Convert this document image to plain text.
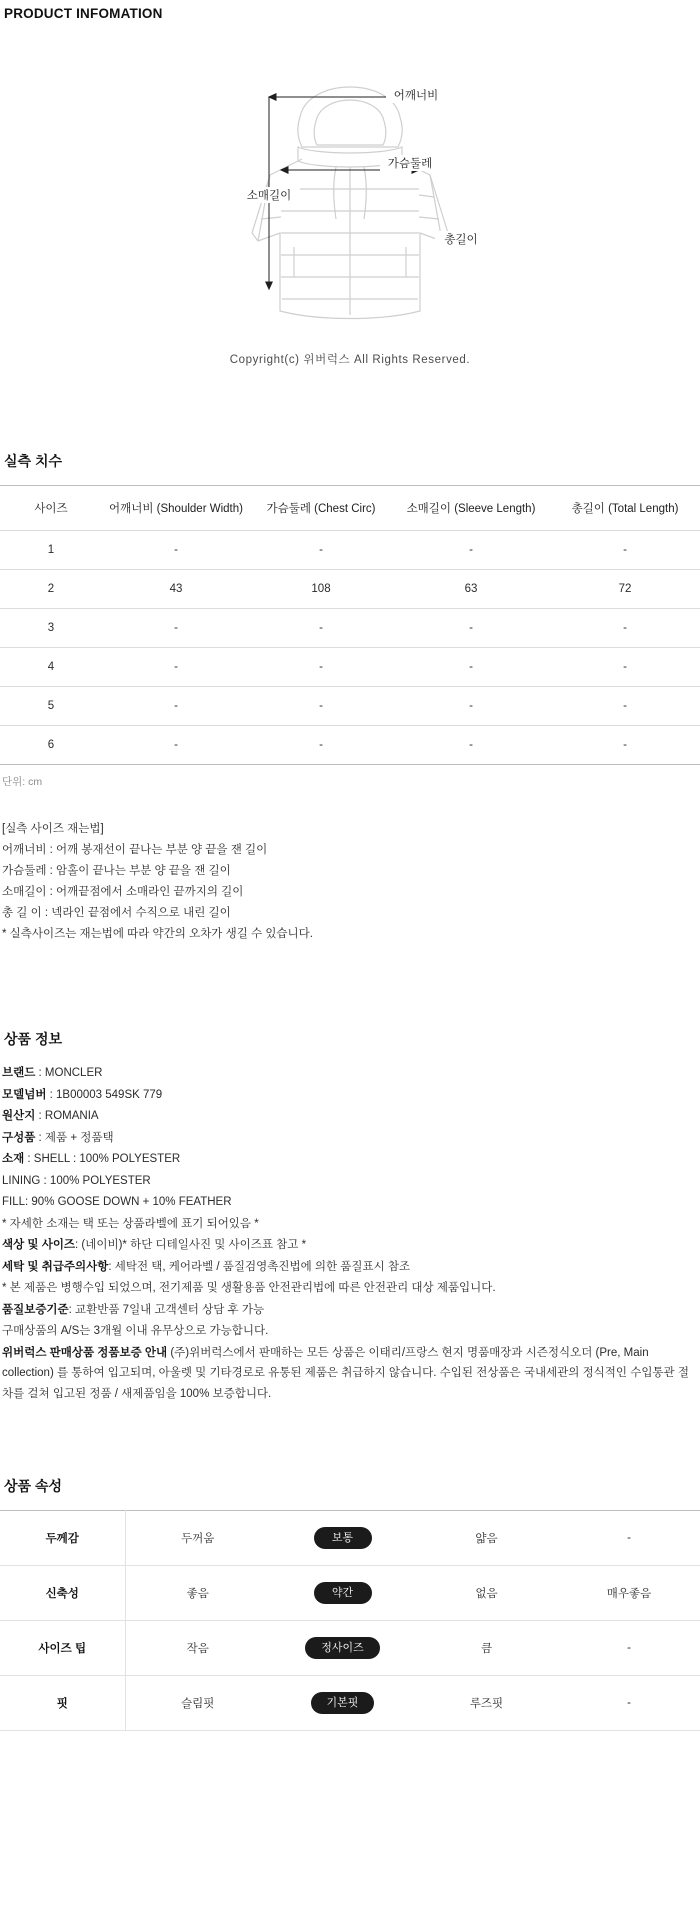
PRODUCT INFOMATION
어깨너비
가슴둘레
소매길이
총길이
Copyright(c) 위버럭스 All Rights Reserved.
실측 치수
사이즈	어깨너비 (Shoulder Width)	가슴둘레 (Chest Circ)	소매길이 (Sleeve Length)	총길이 (Total Length)
1	-	-	-	-
2	43	108	63	72
3	-	-	-	-
4	-	-	-	-
5	-	-	-	-
6	-	-	-	-
단위: cm
[실측 사이즈 재는법]
어깨너비 : 어깨 봉재선이 끝나는 부분 양 끝을 잰 길이
가슴둘레 : 암홀이 끝나는 부분 양 끝을 잰 길이
소매길이 : 어깨끝점에서 소매라인 끝까지의 길이
총 길 이 : 넥라인 끝점에서 수직으로 내린 길이
* 실측사이즈는 재는법에 따라 약간의 오차가 생길 수 있습니다.
상품 정보
브랜드 : MONCLER
모델넘버 : 1B00003 549SK 779
원산지 : ROMANIA
구성품 : 제품 + 정품택
소재 : SHELL : 100% POLYESTER
LINING : 100% POLYESTER
FILL: 90% GOOSE DOWN + 10% FEATHER
* 자세한 소재는 택 또는 상품라벨에 표기 되어있음 *
색상 및 사이즈: (네이비)* 하단 디테일사진 및 사이즈표 참고 *
세탁 및 취급주의사항: 세탁전 택, 케어라벨 / 품질검영촉진법에 의한 품질표시 참조
* 본 제품은 병행수입 되었으며, 전기제품 및 생활용품 안전관리법에 따른 안전관리 대상 제품입니다.
품질보증기준: 교환반품 7일내 고객센터 상담 후 가능
구매상품의 A/S는 3개월 이내 유무상으로 가능합니다.
위버럭스 판매상품 정품보증 안내 (주)위버럭스에서 판매하는 모든 상품은 이태리/프랑스 현지 명품매장과 시즌정식오더 (Pre, Main collection) 를 통하여 입고되며, 아울렛 및 기타경로로 유통된 제품은 취급하지 않습니다. 수입된 전상품은 국내세관의 정식적인 수입통관 절차를 걸쳐 입고된 정품 / 새제품임을 100% 보증합니다.
상품 속성
두께감	두꺼움	보통	얇음	-
신축성	좋음	약간	없음	매우좋음
사이즈 팁	작음	정사이즈	큼	-
핏	슬림핏	기본핏	루즈핏	-
